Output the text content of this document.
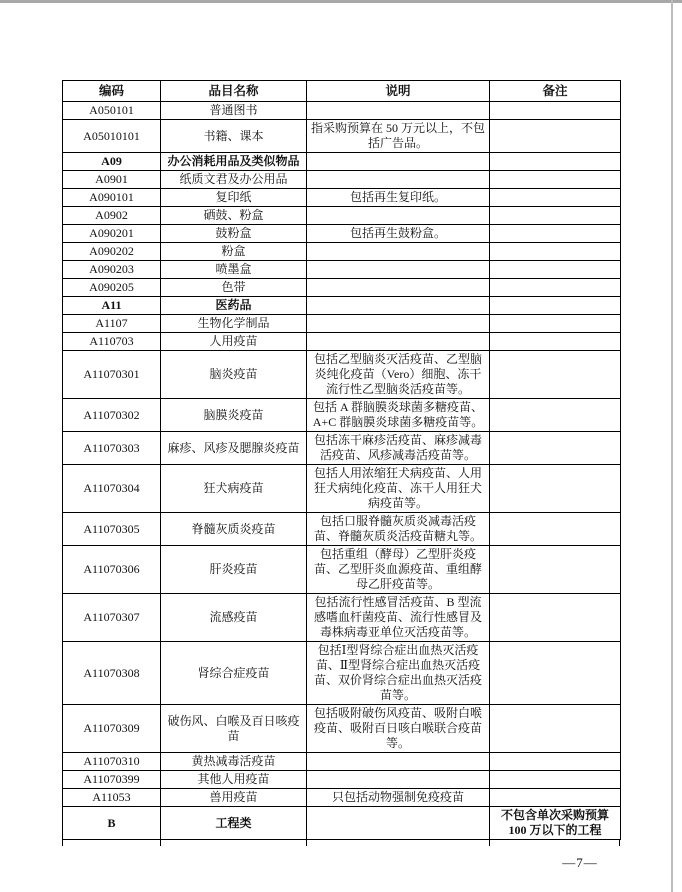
编码	品目名称	说明	备注
A050101	普通图书		
A05010101	书籍、课本	指采购预算在 50 万元以上，不包括广告品。	
A09	办公消耗用品及类似物品		
A0901	纸质文君及办公用品		
A090101	复印纸	包括再生复印纸。	
A0902	硒鼓、粉盒		
A090201	鼓粉盒	包括再生鼓粉盒。	
A090202	粉盒		
A090203	喷墨盒		
A090205	色带		
A11	医药品		
A1107	生物化学制品		
A110703	人用疫苗		
A11070301	脑炎疫苗	包括乙型脑炎灭活疫苗、乙型脑炎纯化疫苗（Vero）细胞、冻干流行性乙型脑炎活疫苗等。	
A11070302	脑膜炎疫苗	包括 A 群脑膜炎球菌多糖疫苗、A+C 群脑膜炎球菌多糖疫苗等。	
A11070303	麻疹、风疹及腮腺炎疫苗	包括冻干麻疹活疫苗、麻疹减毒活疫苗、风疹减毒活疫苗等。	
A11070304	狂犬病疫苗	包括人用浓缩狂犬病疫苗、人用狂犬病纯化疫苗、冻干人用狂犬病疫苗等。	
A11070305	脊髓灰质炎疫苗	包括口服脊髓灰质炎减毒活疫苗、脊髓灰质炎活疫苗糖丸等。	
A11070306	肝炎疫苗	包括重组（酵母）乙型肝炎疫苗、乙型肝炎血源疫苗、重组酵母乙肝疫苗等。	
A11070307	流感疫苗	包括流行性感冒活疫苗、B 型流感嗜血杆菌疫苗、流行性感冒及毒株病毒亚单位灭活疫苗等。	
A11070308	肾综合症疫苗	包括Ⅰ型肾综合症出血热灭活疫苗、Ⅱ型肾综合症出血热灭活疫苗、双价肾综合症出血热灭活疫苗等。	
A11070309	破伤风、白喉及百日咳疫苗	包括吸附破伤风疫苗、吸附白喉疫苗、吸附百日咳白喉联合疫苗等。	
A11070310	黄热减毒活疫苗		
A11070399	其他人用疫苗		
A11053	兽用疫苗	只包括动物强制免疫疫苗	
B	工程类		不包含单次采购预算 100 万以下的工程
—7—
